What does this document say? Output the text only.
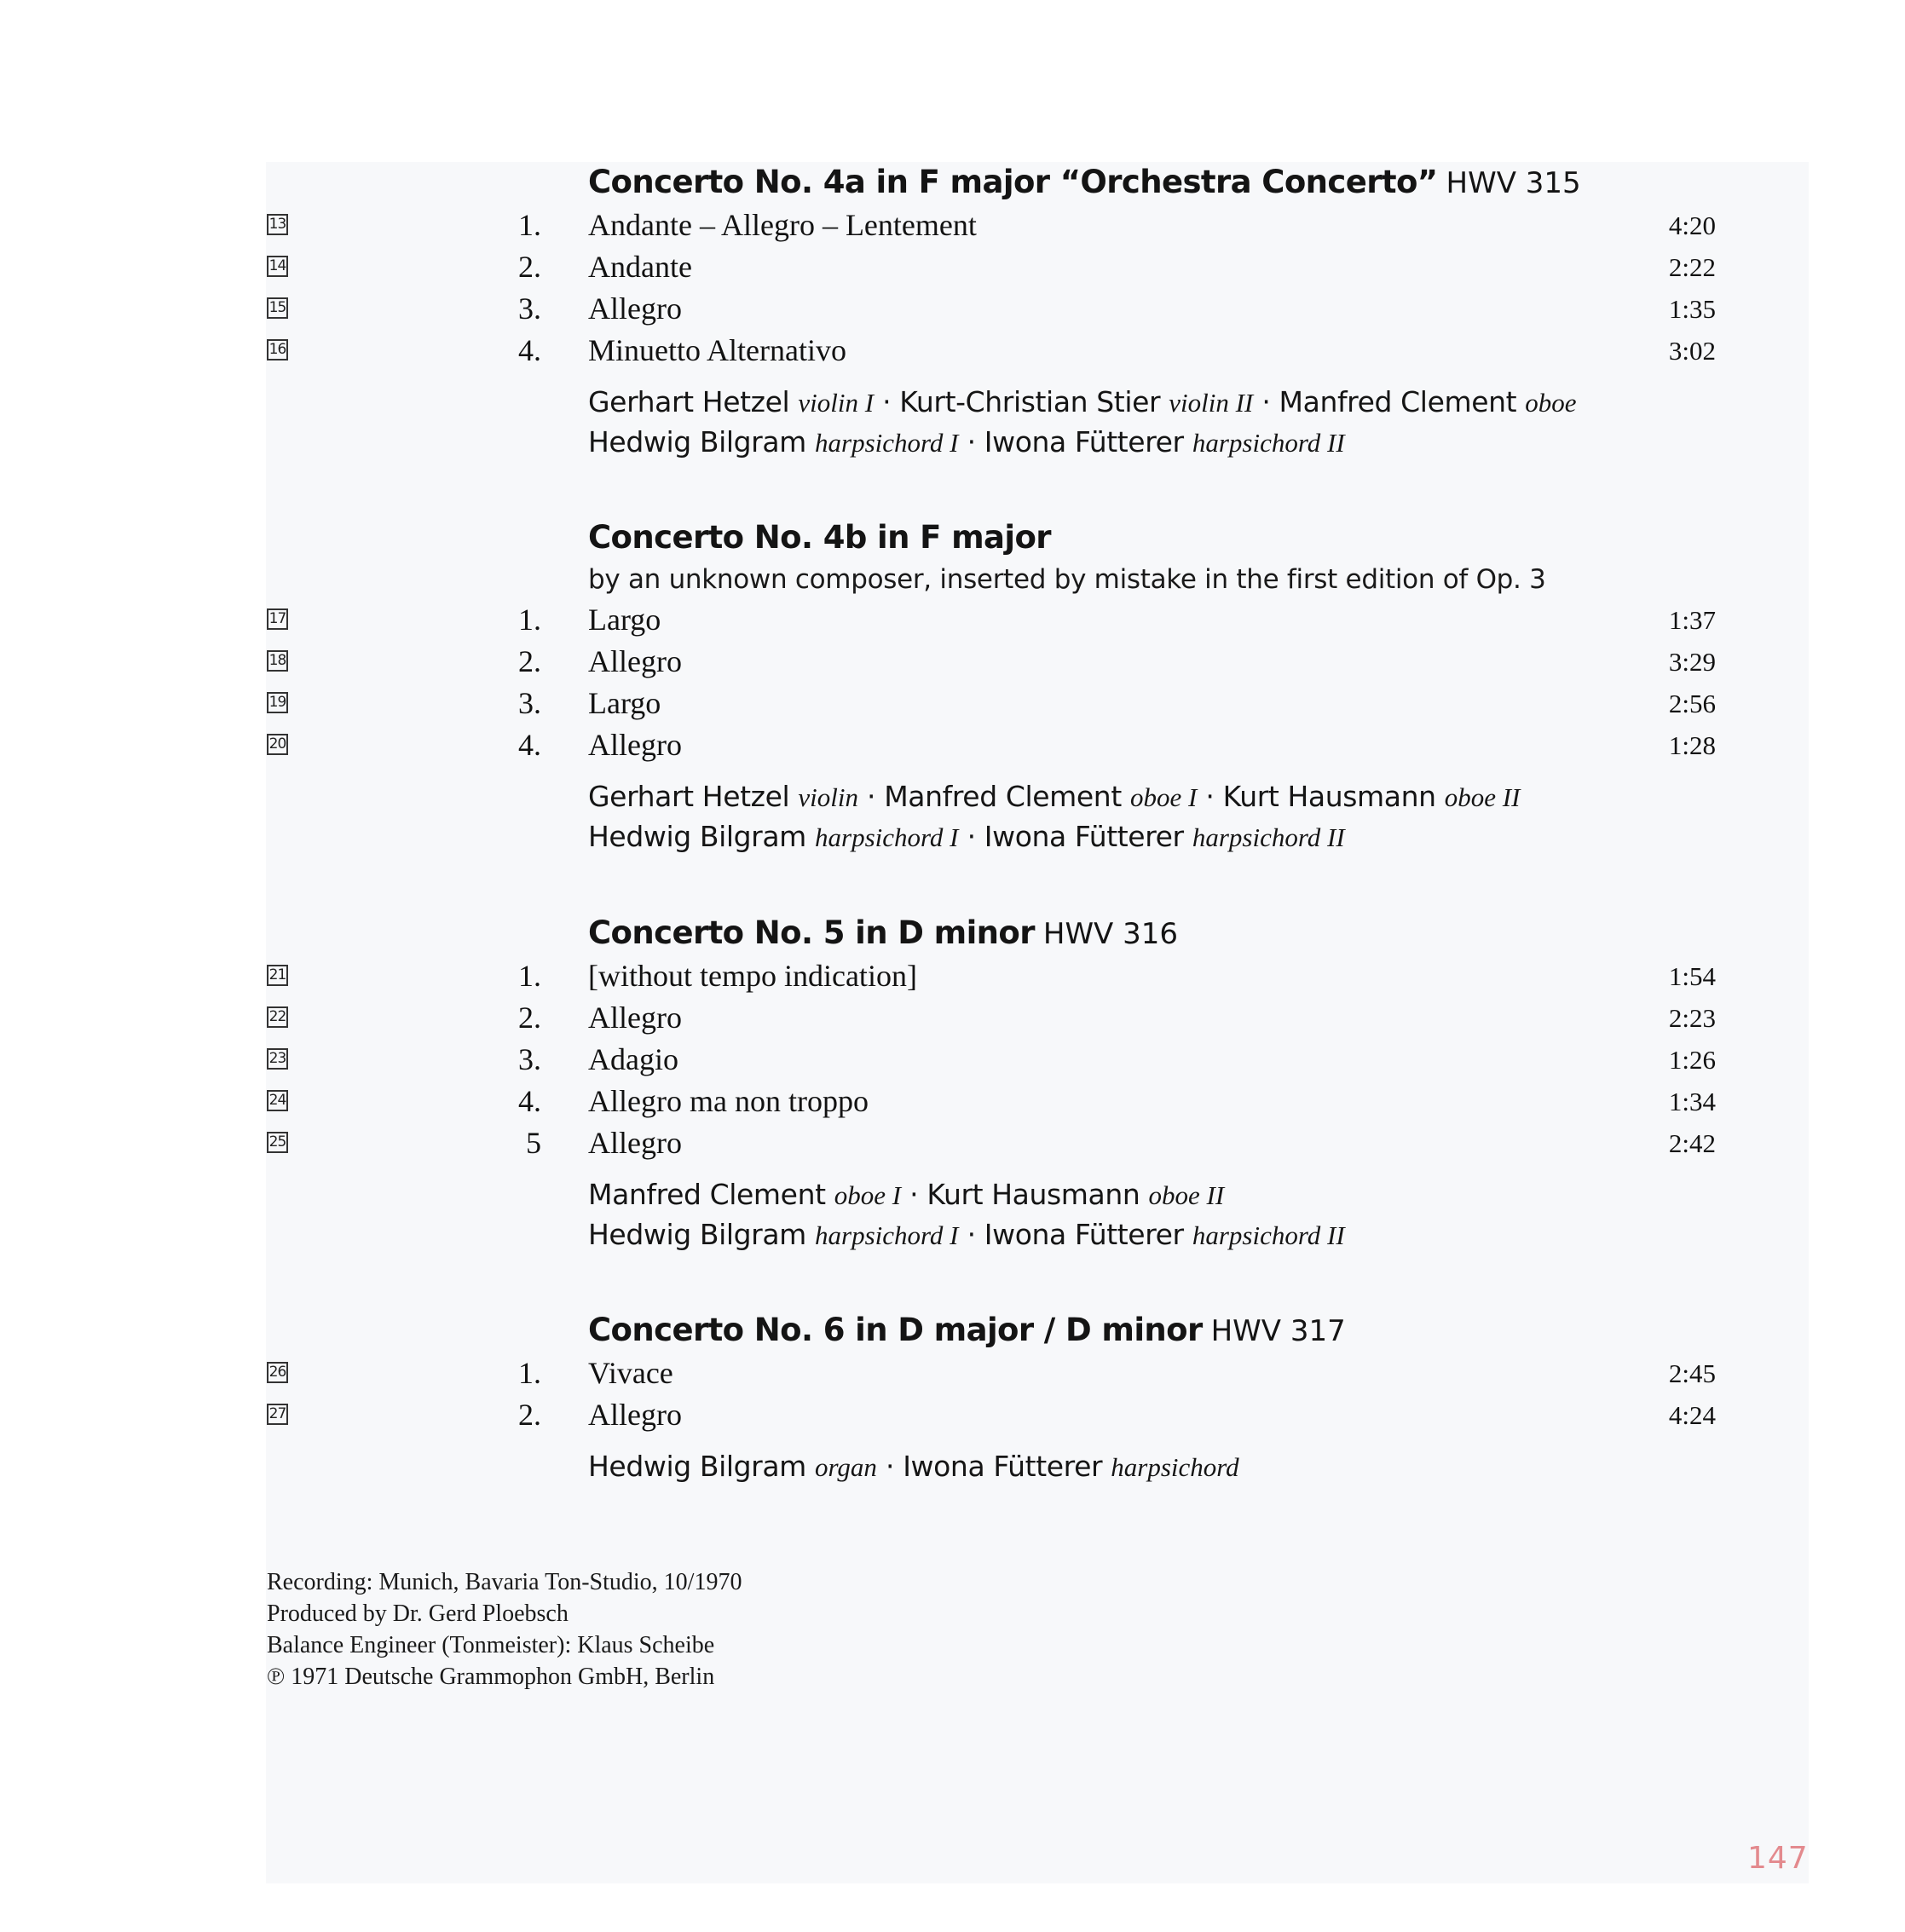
Concerto No. 4a in F major “Orchestra Concerto” HWV 315
13	1. Andante – Allegro – Lentement	4:20
14	2. Andante	2:22
15	3. Allegro	1:35
16	4. Minuetto Alternativo	3:02
Gerhart Hetzel violin I · Kurt-Christian Stier violin II · Manfred Clement oboe
Hedwig Bilgram harpsichord I · Iwona Fütterer harpsichord II
Concerto No. 4b in F major
by an unknown composer, inserted by mistake in the first edition of Op. 3
17	1. Largo	1:37
18	2. Allegro	3:29
19	3. Largo	2:56
20	4. Allegro	1:28
Gerhart Hetzel violin · Manfred Clement oboe I · Kurt Hausmann oboe II
Hedwig Bilgram harpsichord I · Iwona Fütterer harpsichord II
Concerto No. 5 in D minor HWV 316
21	1. [without tempo indication]	1:54
22	2. Allegro	2:23
23	3. Adagio	1:26
24	4. Allegro ma non troppo	1:34
25	5 Allegro	2:42
Manfred Clement oboe I · Kurt Hausmann oboe II
Hedwig Bilgram harpsichord I · Iwona Fütterer harpsichord II
Concerto No. 6 in D major / D minor HWV 317
26	1. Vivace	2:45
27	2. Allegro	4:24
Hedwig Bilgram organ · Iwona Fütterer harpsichord
Recording: Munich, Bavaria Ton-Studio, 10/1970
Produced by Dr. Gerd Ploebsch
Balance Engineer (Tonmeister): Klaus Scheibe
℗ 1971 Deutsche Grammophon GmbH, Berlin
147
